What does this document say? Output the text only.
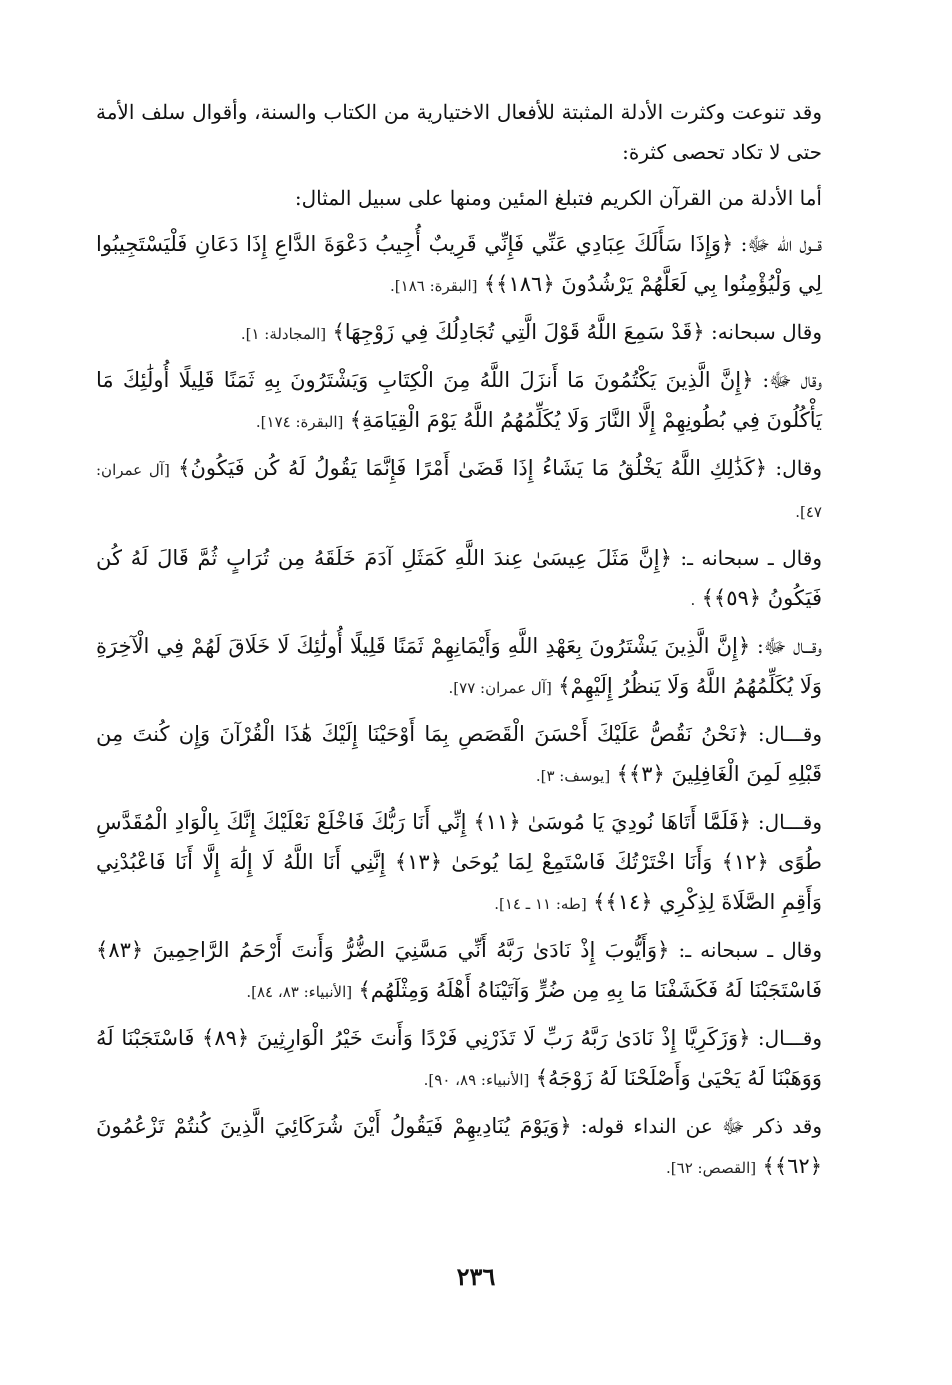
وقد تنوعت وكثرت الأدلة المثبتة للأفعال الاختيارية من الكتاب والسنة، وأقوال سلف الأمة حتى لا تكاد تحصى كثرة:

أما الأدلة من القرآن الكريم فتبلغ المئين ومنها على سبيل المثال:

قــول الله ﷻ: ﴿وَإِذَا سَأَلَكَ عِبَادِي عَنِّي فَإِنِّي قَرِيبٌ أُجِيبُ دَعْوَةَ الدَّاعِ إِذَا دَعَانِ فَلْيَسْتَجِيبُوا لِي وَلْيُؤْمِنُوا بِي لَعَلَّهُمْ يَرْشُدُونَ ﴿١٨٦﴾﴾ [البقرة: ١٨٦].

وقال سبحانه: ﴿قَدْ سَمِعَ اللَّهُ قَوْلَ الَّتِي تُجَادِلُكَ فِي زَوْجِهَا﴾ [المجادلة: ١].

وقال ﷻ: ﴿إِنَّ الَّذِينَ يَكْتُمُونَ مَا أَنزَلَ اللَّهُ مِنَ الْكِتَابِ وَيَشْتَرُونَ بِهِ ثَمَنًا قَلِيلًا أُولَٰئِكَ مَا يَأْكُلُونَ فِي بُطُونِهِمْ إِلَّا النَّارَ وَلَا يُكَلِّمُهُمُ اللَّهُ يَوْمَ الْقِيَامَةِ﴾ [البقرة: ١٧٤].

وقال: ﴿كَذَٰلِكِ اللَّهُ يَخْلُقُ مَا يَشَاءُ إِذَا قَضَىٰ أَمْرًا فَإِنَّمَا يَقُولُ لَهُ كُن فَيَكُونُ﴾ [آل عمران: ٤٧].

وقال ـ سبحانه ـ: ﴿إِنَّ مَثَلَ عِيسَىٰ عِندَ اللَّهِ كَمَثَلِ آدَمَ خَلَقَهُ مِن تُرَابٍ ثُمَّ قَالَ لَهُ كُن فَيَكُونُ ﴿٥٩﴾﴾ .

وقـــال ﷻ: ﴿إِنَّ الَّذِينَ يَشْتَرُونَ بِعَهْدِ اللَّهِ وَأَيْمَانِهِمْ ثَمَنًا قَلِيلًا أُولَٰئِكَ لَا خَلَاقَ لَهُمْ فِي الْآخِرَةِ وَلَا يُكَلِّمُهُمُ اللَّهُ وَلَا يَنظُرُ إِلَيْهِمْ﴾ [آل عمران: ٧٧].

وقـــال: ﴿نَحْنُ نَقُصُّ عَلَيْكَ أَحْسَنَ الْقَصَصِ بِمَا أَوْحَيْنَا إِلَيْكَ هَٰذَا الْقُرْآنَ وَإِن كُنتَ مِن قَبْلِهِ لَمِنَ الْغَافِلِينَ ﴿٣﴾﴾ [يوسف: ٣].

وقـــال: ﴿فَلَمَّا أَتَاهَا نُودِيَ يَا مُوسَىٰ ﴿١١﴾ إِنِّي أَنَا رَبُّكَ فَاخْلَعْ نَعْلَيْكَ إِنَّكَ بِالْوَادِ الْمُقَدَّسِ طُوًى ﴿١٢﴾ وَأَنَا اخْتَرْتُكَ فَاسْتَمِعْ لِمَا يُوحَىٰ ﴿١٣﴾ إِنَّنِي أَنَا اللَّهُ لَا إِلَٰهَ إِلَّا أَنَا فَاعْبُدْنِي وَأَقِمِ الصَّلَاةَ لِذِكْرِي ﴿١٤﴾﴾ [طه: ١١ ـ ١٤].

وقال ـ سبحانه ـ: ﴿وَأَيُّوبَ إِذْ نَادَىٰ رَبَّهُ أَنِّي مَسَّنِيَ الضُّرُّ وَأَنتَ أَرْحَمُ الرَّاحِمِينَ ﴿٨٣﴾ فَاسْتَجَبْنَا لَهُ فَكَشَفْنَا مَا بِهِ مِن ضُرٍّ وَآتَيْنَاهُ أَهْلَهُ وَمِثْلَهُم﴾ [الأنبياء: ٨٣، ٨٤].

وقـــال: ﴿وَزَكَرِيَّا إِذْ نَادَىٰ رَبَّهُ رَبِّ لَا تَذَرْنِي فَرْدًا وَأَنتَ خَيْرُ الْوَارِثِينَ ﴿٨٩﴾ فَاسْتَجَبْنَا لَهُ وَوَهَبْنَا لَهُ يَحْيَىٰ وَأَصْلَحْنَا لَهُ زَوْجَهُ﴾ [الأنبياء: ٨٩، ٩٠].

وقد ذكر ﷻ عن النداء قوله: ﴿وَيَوْمَ يُنَادِيهِمْ فَيَقُولُ أَيْنَ شُرَكَائِيَ الَّذِينَ كُنتُمْ تَزْعُمُونَ ﴿٦٢﴾﴾ [القصص: ٦٢].

٢٣٦
